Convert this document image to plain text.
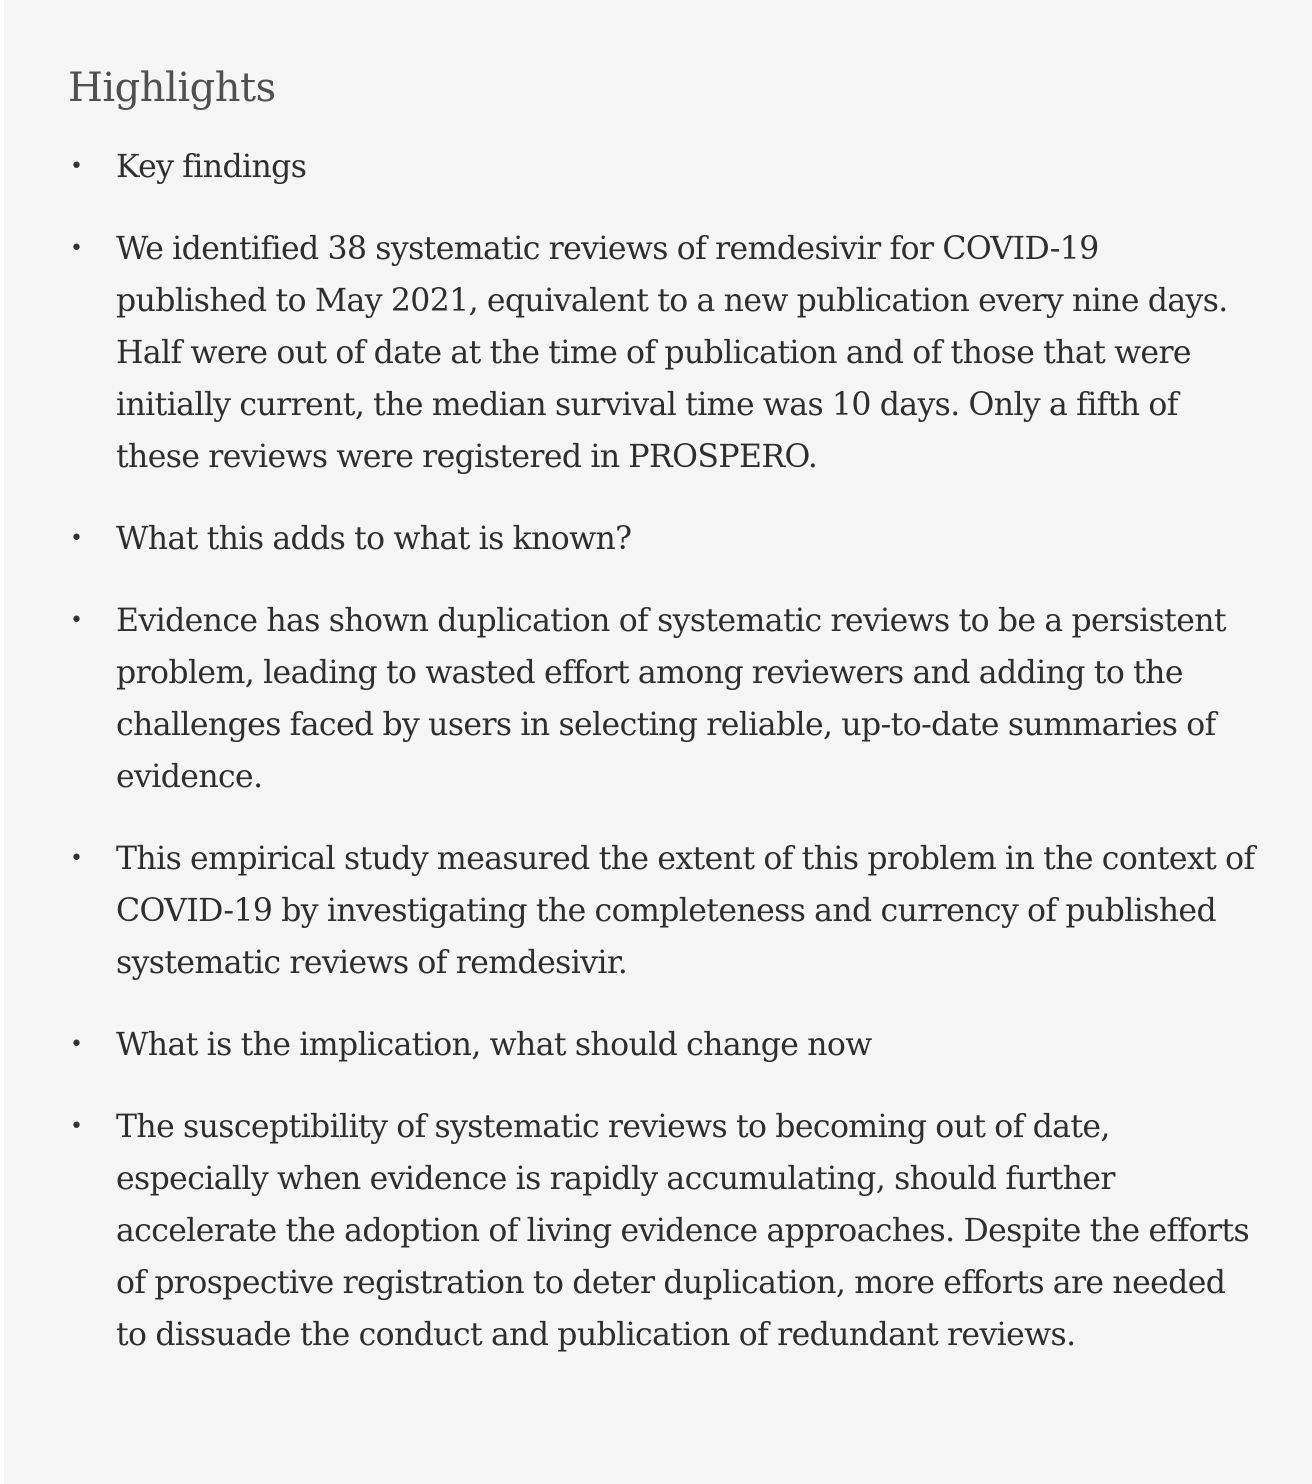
Highlights
• Key findings
• We identified 38 systematic reviews of remdesivir for COVID-19 published to May 2021, equivalent to a new publication every nine days. Half were out of date at the time of publication and of those that were initially current, the median survival time was 10 days. Only a fifth of these reviews were registered in PROSPERO.
• What this adds to what is known?
• Evidence has shown duplication of systematic reviews to be a persistent problem, leading to wasted effort among reviewers and adding to the challenges faced by users in selecting reliable, up-to-date summaries of evidence.
• This empirical study measured the extent of this problem in the context of COVID-19 by investigating the completeness and currency of published systematic reviews of remdesivir.
• What is the implication, what should change now
• The susceptibility of systematic reviews to becoming out of date, especially when evidence is rapidly accumulating, should further accelerate the adoption of living evidence approaches. Despite the efforts of prospective registration to deter duplication, more efforts are needed to dissuade the conduct and publication of redundant reviews.
